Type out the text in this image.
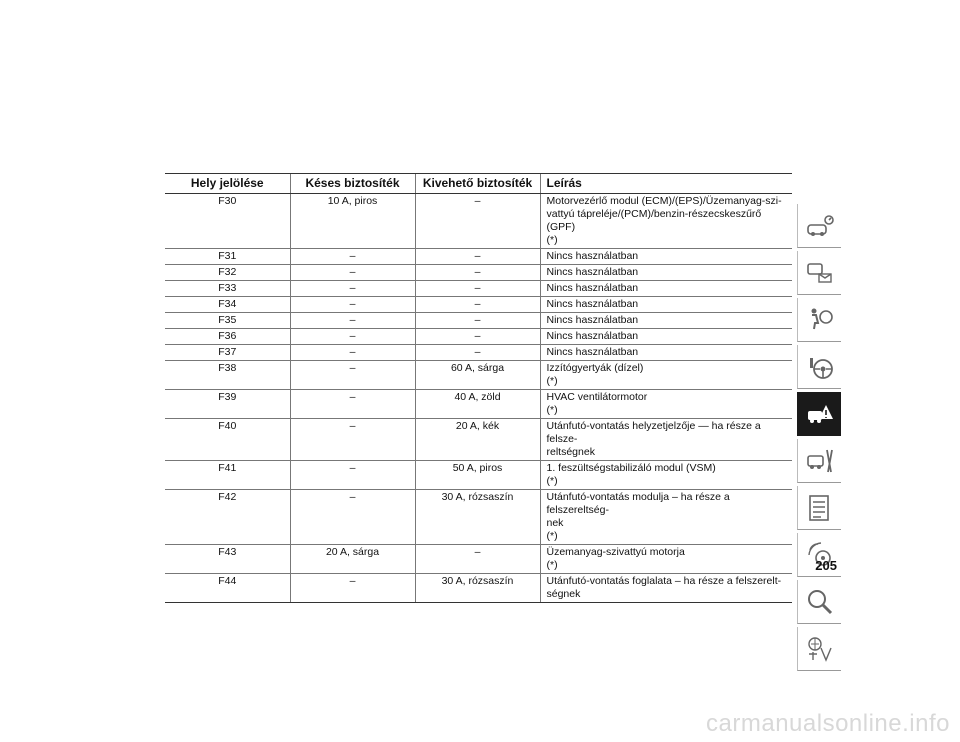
Hely jelölése	Késes biztosíték	Kivehető biztosíték	Leírás
F30	10 A, piros	–	Motorvezérlő modul (ECM)/(EPS)/Üzemanyag-szi-
vattyú tápreléje/(PCM)/benzin-részecskeszűrő (GPF)
(*)

F31	–	–	Nincs használatban

F32	–	–	Nincs használatban

F33	–	–	Nincs használatban

F34	–	–	Nincs használatban

F35	–	–	Nincs használatban

F36	–	–	Nincs használatban

F37	–	–	Nincs használatban

F38	–	60 A, sárga	Izzítógyertyák (dízel)
(*)

F39	–	40 A, zöld	HVAC ventilátormotor
(*)

F40	–	20 A, kék	Utánfutó-vontatás helyzetjelzője — ha része a felsze-
reltségnek

F41	–	50 A, piros	1. feszültségstabilizáló modul (VSM)
(*)

F42	–	30 A, rózsaszín	Utánfutó-vontatás modulja – ha része a felszereltség-
nek
(*)

F43	20 A, sárga	–	Üzemanyag-szivattyú motorja
(*)

F44	–	30 A, rózsaszín	Utánfutó-vontatás foglalata – ha része a felszerelt-
ségnek
205
carmanualsonline.info
